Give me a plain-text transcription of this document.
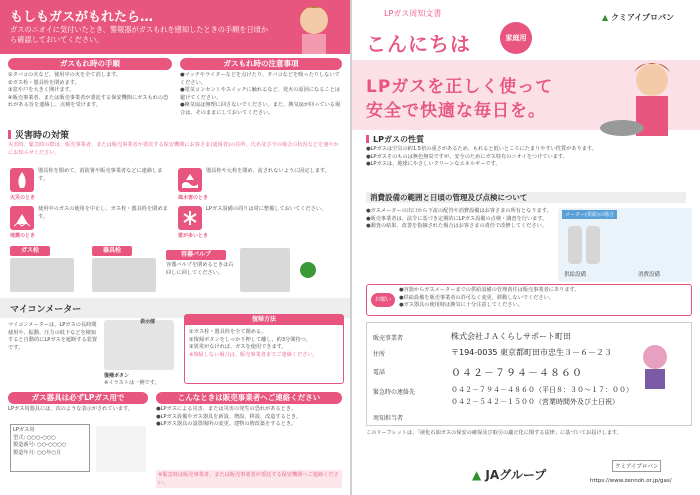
もしもガスがもれたら…
ガスのニオイに気付いたとき、警報器がガスもれを感知したときの手順を日頃から確認しておいてください。
ガスもれ時の手順
①タバコの火など、使用中の火を全て消します。
②ガス栓・器具栓を閉めます。
③窓や戸を大きく開けます。
④販売事業者、または販売事業者が委託する保安機関にガスもれの恐れがある旨を連絡し、点検を受けます。
ガスもれ時の注意事項
●マッチやライターなどを点けたり、タバコなどを吸ったりしないでください。
●電気コンセントやスイッチに触れるなど、発火の原因になることは避けてください。
●換気扇は無理に回さないでください。また、換気扇が回っている場合は、そのままにしておいてください。
災害時の対策
災害時、緊急時の際は、販売事業者、または販売事業者が委託する保安機関にお客さま(通報者)の住所、氏名及び今の場合の状況などを速やかにお知らせください。
火災のとき
器具栓を閉めて、消防署や販売事業者などに連絡します。
風水害のとき
器具栓や元栓を閉め、流されないように固定します。
地震のとき
使用中のガスの使用を中止し、ガス栓・器具栓を閉めます。
雷が多いとき
LPガス設備の周りは常に整備しておいてください。
ガス栓	器具栓
容器バルブ
容器バルブを閉めるときは右回しに回してください。
マイコンメーター
マイコンメーターは、LPガスの長時間使用や、振動、圧力の低下などを検知すると自動的にLPガスを遮断する装置です。
表示部
復帰ボタン
※イラストは一例です。
復帰方法
①ガス栓・器具栓を全て閉める。
②復帰ボタンをしっかり押して離し、約3分間待つ。
③異常がなければ、ガスを使用できます。
※復帰しない場合は、販売事業者までご連絡ください。
ガス器具は必ずLPガス用で
LPガス用器具には、次のような表示がされています。
LPガス用
型式: ○○○-○○○
製造番号: ○○-○○○○
製造年月: ○○年○月
こんなときは販売事業者へご連絡ください
●LPガスによる災害、または災害の発生の恐れがあるとき。
●LPガス設備やガス器具を新設、増設、移設、改造するとき。
●LPガス器具の設置場所の変更、建物の増改築をするとき。
※緊急時は販売事業者、または販売事業者が委託する保安機関へご連絡ください。
LPガス周知文書
こんにちは	家庭用
▲ クミアイプロパン
LPガスを正しく使って
安全で快適な毎日を。
LPガスの性質
●LPガスは空気の約1.5倍の重さがあるため、もれると低いところにたまりやすい性質があります。
●LPガスそのものは無色無臭ですが、安全のためにガス特有のニオイをつけています。
●LPガスは、地球にやさしいクリーンなエネルギーです。
消費設備の範囲と日頃の管理及び点検について
●ガスメーターの出口から下流の配管や消費設備はお客さまの所有となります。
●販売事業者は、法令に基づき定期的にLPガス設備の点検・調査を行います。
●調査の結果、改善を指摘された場合はお客さまの責任で改修してください。
メーター(供給)の場合
供給設備	消費設備
お願い
●容器からガスメーターまでの供給設備の管理責任は販売事業者にあります。
●供給設備を販売事業者の許可なく変更、移動しないでください。
●ガス器具の使用時は換気に十分注意してください。
販売事業者	株式会社ＪＡくらしサポート町田
住所	〒194-0035 東京都町田市忠生３－６－２３
電話	０４２－７９４－４８６０
緊急時の連絡先	０４２－７９４－４８６０（平日８：３０～１７：００）
０４２－５４２－１５００（営業時間外及び土日祝）
周知担当者
このリーフレットは、「液化石油ガスの保安の確保及び取引の適正化に関する法律」に基づいてお届けします。
▲ JAグループ
クミアイプロパン
https://www.zennoh.or.jp/gas/
